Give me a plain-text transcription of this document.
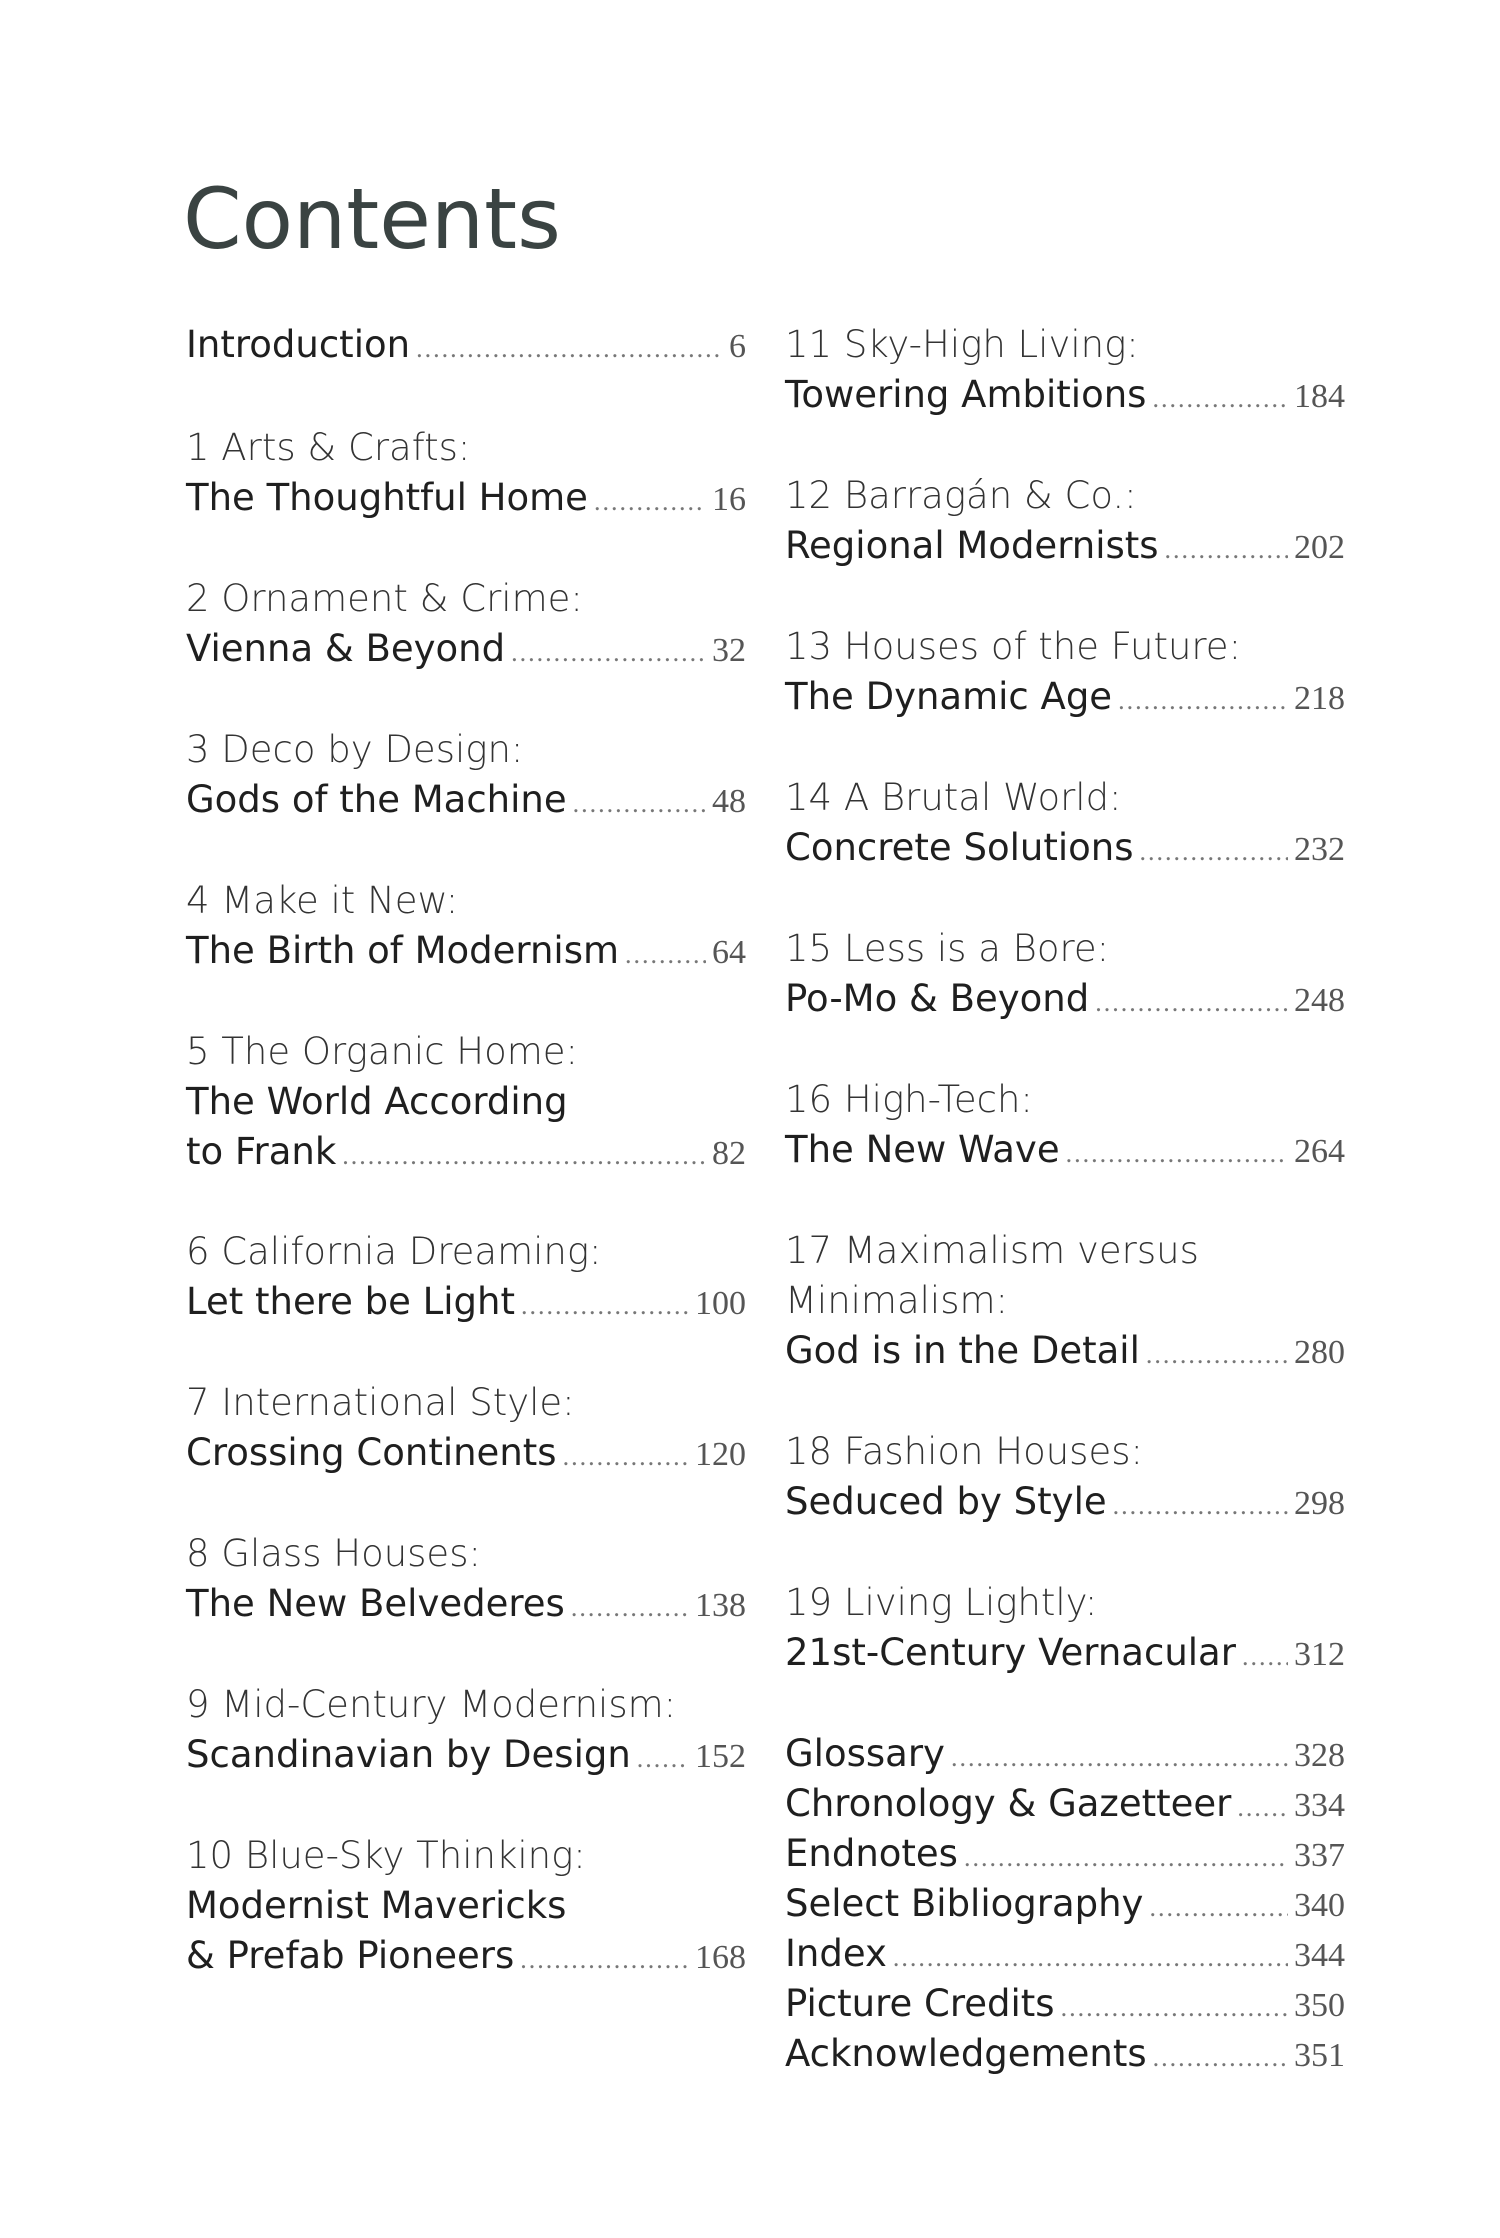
Contents
Introduction .....	6
1 Arts & Crafts:
The Thoughtful Home .....	16
2 Ornament & Crime:
Vienna & Beyond .....	32
3 Deco by Design:
Gods of the Machine .....	48
4 Make it New:
The Birth of Modernism .....	64
5 The Organic Home:
The World According
to Frank .....	82
6 California Dreaming:
Let there be Light .....	100
7 International Style:
Crossing Continents .....	120
8 Glass Houses:
The New Belvederes .....	138
9 Mid-Century Modernism:
Scandinavian by Design ..... 152
10 Blue-Sky Thinking:
Modernist Mavericks
& Prefab Pioneers .....	168
11 Sky-High Living:
Towering Ambitions .....	184
12 Barragán & Co.:
Regional Modernists .....	202
13 Houses of the Future:
The Dynamic Age .....	218
14 A Brutal World:
Concrete Solutions .....	232
15 Less is a Bore:
Po-Mo & Beyond .....	248
16 High-Tech:
The New Wave .....	264
17 Maximalism versus
Minimalism:
God is in the Detail .....	280
18 Fashion Houses:
Seduced by Style .....	298
19 Living Lightly:
21st-Century Vernacular ..... 312
Glossary .....	328
Chronology & Gazetteer ..... 334
Endnotes .....	337
Select Bibliography .....	340
Index .....	344
Picture Credits .....	350
Acknowledgements .....	351
